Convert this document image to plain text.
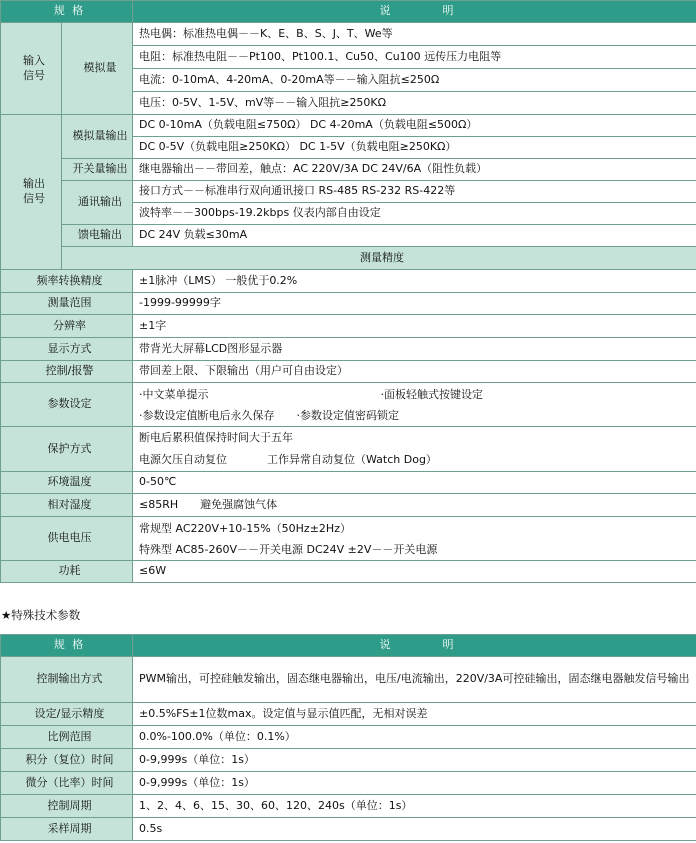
规 格		说 明	

输入
信号	模拟量	热电偶：标准热电偶－－K、E、B、S、J、T、We等	
		电阻：标准热电阻－－Pt100、Pt100.1、Cu50、Cu100 远传压力电阻等	
		电流：0-10mA、4-20mA、0-20mA等－－输入阻抗≤250Ω	
		电压：0-5V、1-5V、mV等－－输入阻抗≥250KΩ	

输出
信号	模拟量输出	DC 0-10mA（负载电阻≤750Ω） DC 4-20mA（负载电阻≤500Ω）	
		DC 0-5V（负载电阻≥250KΩ） DC 1-5V（负载电阻≥250KΩ）	
	开关量输出	继电器输出－－带回差，触点：AC 220V/3A DC 24V/6A（阻性负载）	
	通讯输出	接口方式－－标准串行双向通讯接口 RS-485 RS-232 RS-422等	
		波特率－－300bps-19.2kbps 仪表内部自由设定	
	馈电输出	DC 24V 负载≤30mA	
	测量精度	
频率转换精度		±1脉冲（LMS） 一般优于0.2%	
测量范围		-1999-99999字	
分辨率		±1字	
显示方式		带背光大屏幕LCD图形显示器	
控制/报警		带回差上限、下限输出（用户可自由设定）	
参数设定		·中文菜单提示 ·面板轻触式按键设定
·参数设定值断电后永久保存 ·参数设定值密码锁定	

保护方式		断电后累积值保持时间大于五年
电源欠压自动复位 工作异常自动复位（Watch Dog）	

环境温度		0-50℃	
相对湿度		≤85RH 避免强腐蚀气体	
供电电压		常规型 AC220V+10-15%（50Hz±2Hz）
特殊型 AC85-260V－－开关电源 DC24V ±2V－－开关电源	

功耗		≤6W	
★特殊技术参数
规 格	说 明
控制输出方式	PWM输出，可控硅触发输出，固态继电器输出，电压/电流输出，220V/3A可控硅输出，固态继电器触发信号输出

设定/显示精度	±0.5%FS±1位数max。设定值与显示值匹配，无相对误差
比例范围	0.0%-100.0%（单位：0.1%）
积分（复位）时间	0-9,999s（单位：1s）
微分（比率）时间	0-9,999s（单位：1s）
控制周期	1、2、4、6、15、30、60、120、240s（单位：1s）
采样周期	0.5s
